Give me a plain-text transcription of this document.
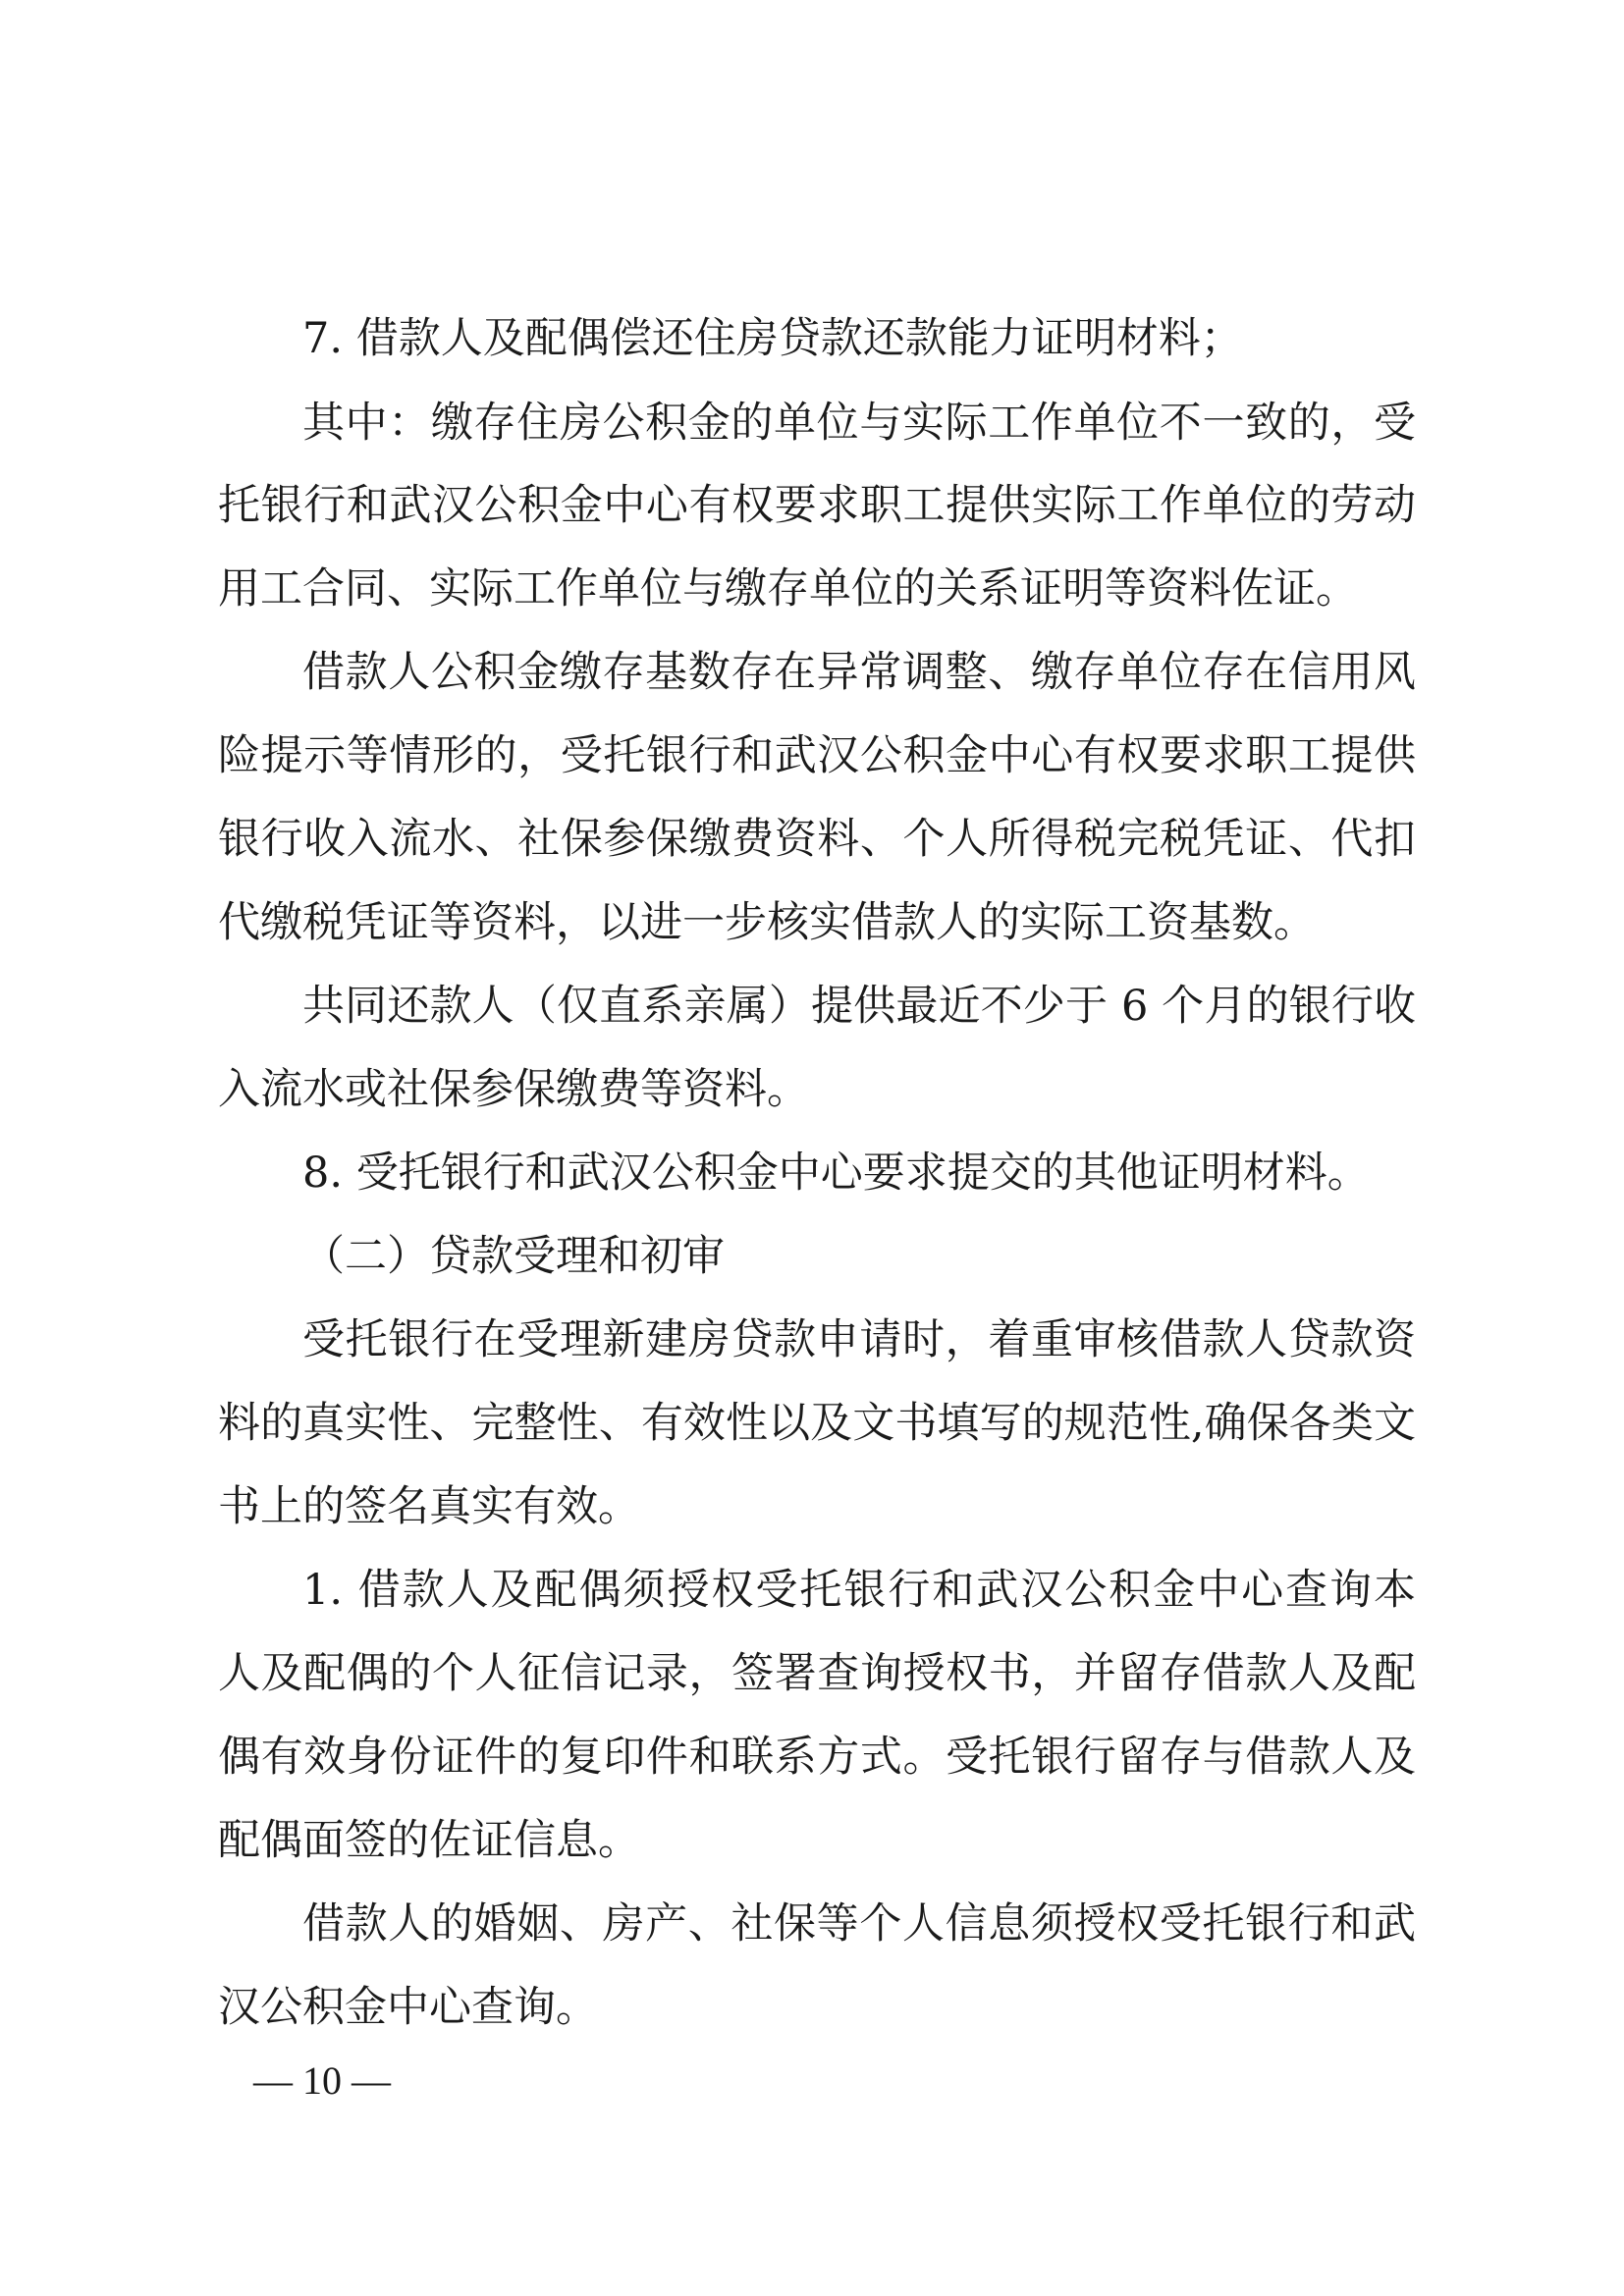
7. 借款人及配偶偿还住房贷款还款能力证明材料；
其中：缴存住房公积金的单位与实际工作单位不一致的，受
托银行和武汉公积金中心有权要求职工提供实际工作单位的劳动
用工合同、实际工作单位与缴存单位的关系证明等资料佐证。
借款人公积金缴存基数存在异常调整、缴存单位存在信用风
险提示等情形的，受托银行和武汉公积金中心有权要求职工提供
银行收入流水、社保参保缴费资料、个人所得税完税凭证、代扣
代缴税凭证等资料，以进一步核实借款人的实际工资基数。
共同还款人（仅直系亲属）提供最近不少于 6 个月的银行收
入流水或社保参保缴费等资料。
8. 受托银行和武汉公积金中心要求提交的其他证明材料。
（二）贷款受理和初审
受托银行在受理新建房贷款申请时，着重审核借款人贷款资
料的真实性、完整性、有效性以及文书填写的规范性,确保各类文
书上的签名真实有效。
1. 借款人及配偶须授权受托银行和武汉公积金中心查询本
人及配偶的个人征信记录，签署查询授权书，并留存借款人及配
偶有效身份证件的复印件和联系方式。受托银行留存与借款人及
配偶面签的佐证信息。
借款人的婚姻、房产、社保等个人信息须授权受托银行和武
汉公积金中心查询。
— 10 —
